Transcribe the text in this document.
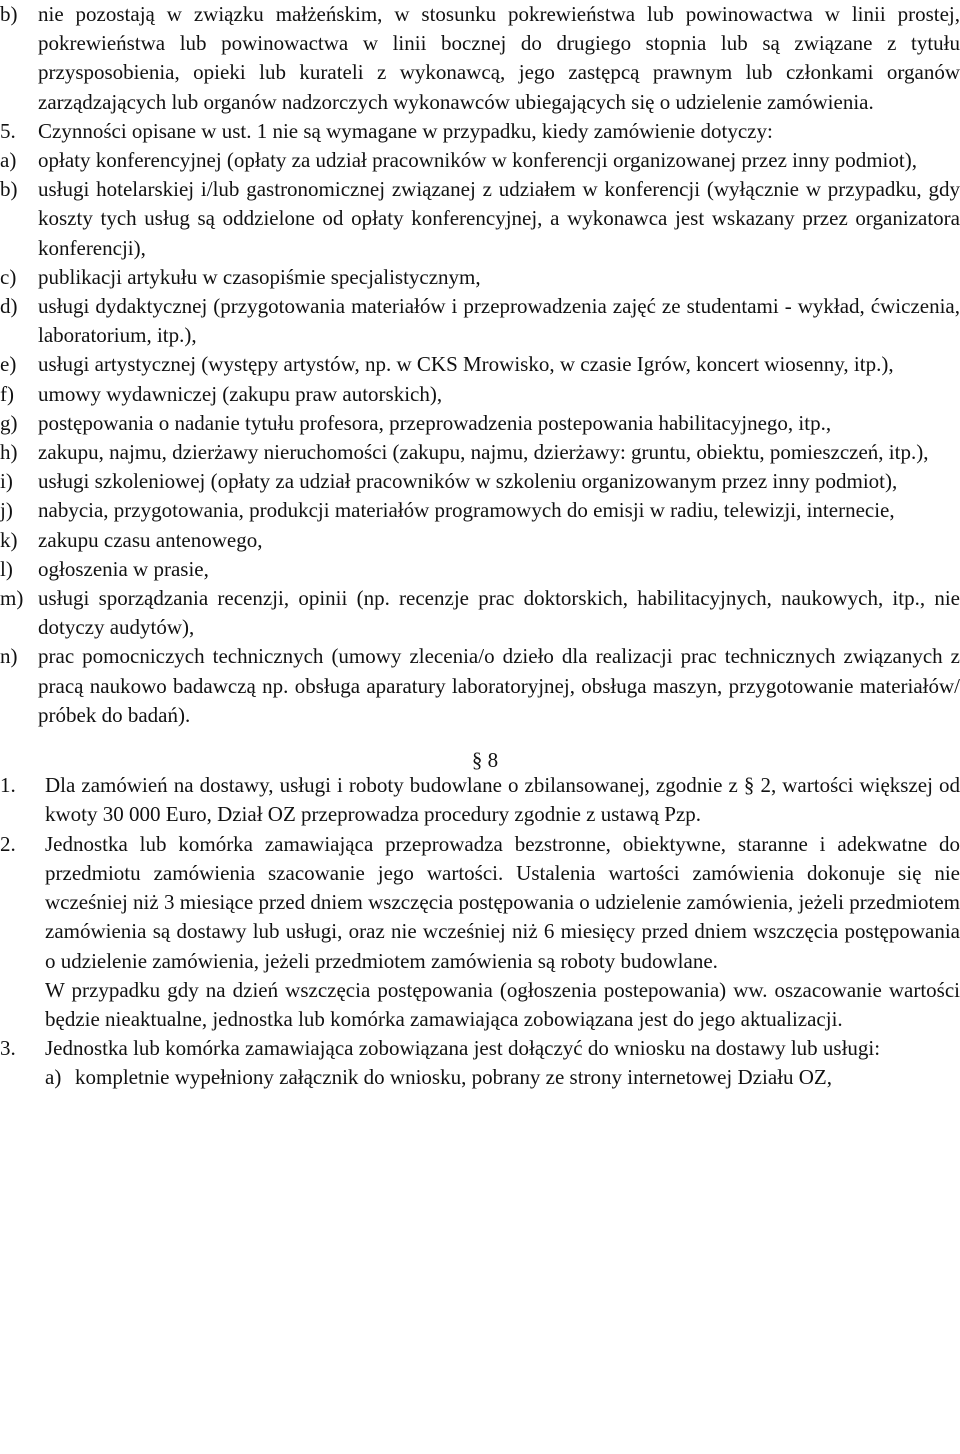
b) nie pozostają w związku małżeńskim, w stosunku pokrewieństwa lub powinowactwa w linii prostej, pokrewieństwa lub powinowactwa w linii bocznej do drugiego stopnia lub są związane z tytułu przysposobienia, opieki lub kurateli z wykonawcą, jego zastępcą prawnym lub członkami organów zarządzających lub organów nadzorczych wykonawców ubiegających się o udzielenie zamówienia.
5.	Czynności opisane w ust. 1 nie są wymagane w przypadku, kiedy zamówienie dotyczy:
a)	opłaty konferencyjnej (opłaty za udział pracowników w konferencji organizowanej przez inny podmiot),
b) usługi hotelarskiej i/lub gastronomicznej związanej z udziałem w konferencji (wyłącznie w przypadku, gdy koszty tych usług są oddzielone od opłaty konferencyjnej, a wykonawca jest wskazany przez organizatora konferencji),
c)	publikacji artykułu w czasopiśmie specjalistycznym,
d) usługi dydaktycznej (przygotowania materiałów i przeprowadzenia zajęć ze studentami - wykład, ćwiczenia, laboratorium, itp.),
e)	usługi artystycznej (występy artystów, np. w CKS Mrowisko, w czasie Igrów, koncert wiosenny, itp.),
f)	umowy wydawniczej (zakupu praw autorskich),
g) postępowania o nadanie tytułu profesora, przeprowadzenia postepowania habilitacyjnego, itp.,
h) zakupu, najmu, dzierżawy nieruchomości (zakupu, najmu, dzierżawy: gruntu, obiektu, pomieszczeń, itp.),
i)	usługi szkoleniowej (opłaty za udział pracowników w szkoleniu organizowanym przez inny podmiot),
j)	nabycia, przygotowania, produkcji materiałów programowych do emisji w radiu, telewizji, internecie,
k) zakupu czasu antenowego,
l)	ogłoszenia w prasie,
m) usługi sporządzania recenzji, opinii (np. recenzje prac doktorskich, habilitacyjnych, naukowych, itp., nie dotyczy audytów),
n) prac pomocniczych technicznych (umowy zlecenia/o dzieło dla realizacji prac technicznych związanych z pracą naukowo badawczą np. obsługa aparatury laboratoryjnej, obsługa maszyn, przygotowanie materiałów/ próbek do badań).
§ 8
1.	Dla zamówień na dostawy, usługi i roboty budowlane o zbilansowanej, zgodnie z § 2, wartości większej od kwoty 30 000 Euro, Dział OZ przeprowadza procedury zgodnie z ustawą Pzp.
2.	Jednostka lub komórka zamawiająca przeprowadza bezstronne, obiektywne, staranne i adekwatne do przedmiotu zamówienia szacowanie jego wartości. Ustalenia wartości zamówienia dokonuje się nie wcześniej niż 3 miesiące przed dniem wszczęcia postępowania o udzielenie zamówienia, jeżeli przedmiotem zamówienia są dostawy lub usługi, oraz nie wcześniej niż 6 miesięcy przed dniem wszczęcia postępowania o udzielenie zamówienia, jeżeli przedmiotem zamówienia są roboty budowlane.
W przypadku gdy na dzień wszczęcia postępowania (ogłoszenia postepowania) ww. oszacowanie wartości będzie nieaktualne, jednostka lub komórka zamawiająca zobowiązana jest do jego aktualizacji.
3.	Jednostka lub komórka zamawiająca zobowiązana jest dołączyć do wniosku na dostawy lub usługi:
a) kompletnie wypełniony załącznik do wniosku, pobrany ze strony internetowej Działu OZ,
